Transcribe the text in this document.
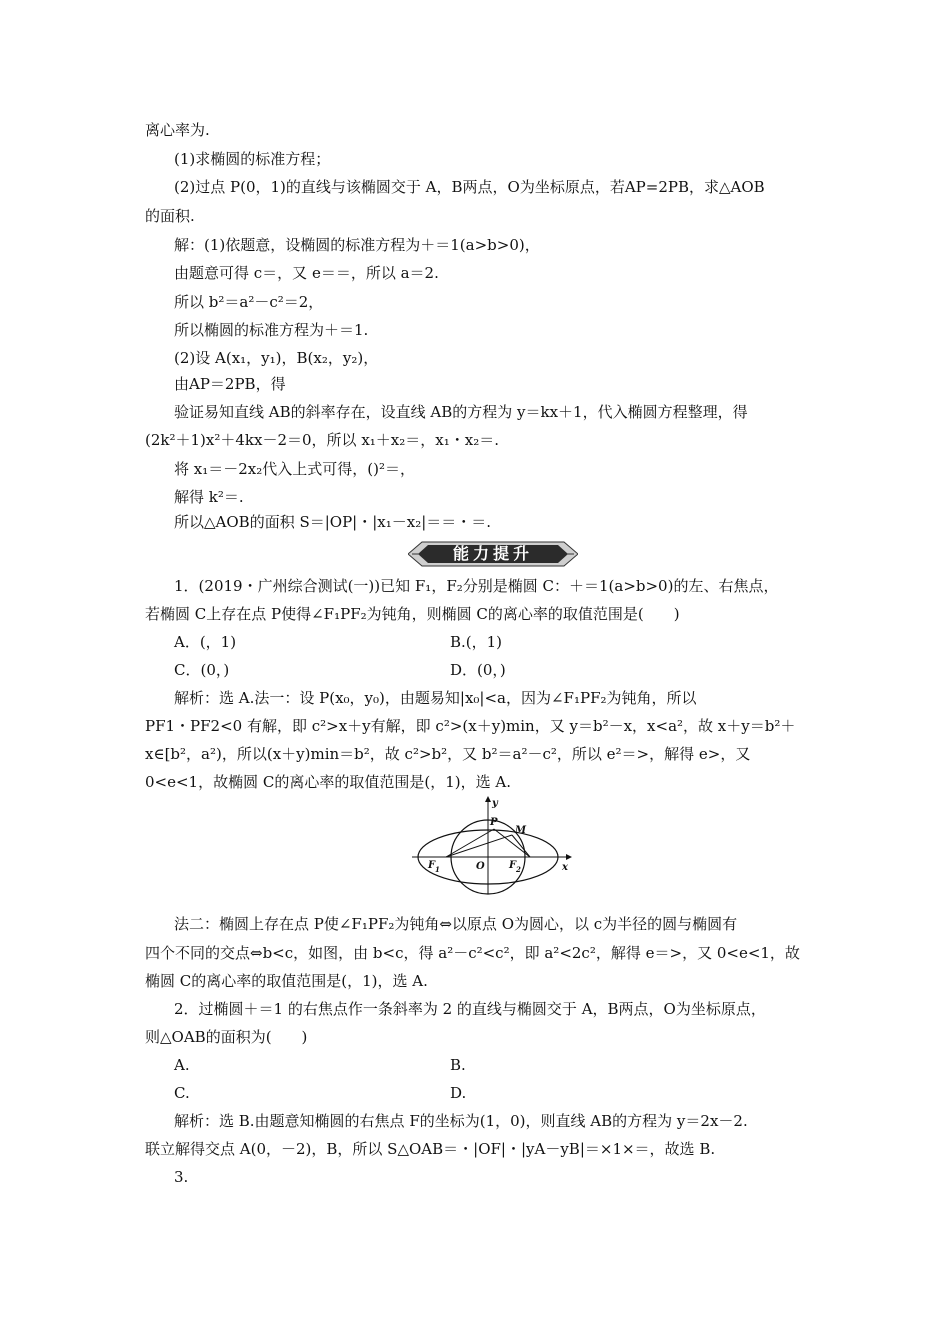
离心率为.
(1)求椭圆的标准方程；
(2)过点 P(0，1)的直线与该椭圆交于 A，B两点，O为坐标原点，若AP=2PB，求△AOB
的面积.
解：(1)依题意，设椭圆的标准方程为＋＝1(a>b>0)，
由题意可得 c＝，又 e＝＝，所以 a＝2.
所以 b²＝a²－c²＝2，
所以椭圆的标准方程为＋＝1.
(2)设 A(x₁，y₁)，B(x₂，y₂)，
由AP＝2PB，得
验证易知直线 AB的斜率存在，设直线 AB的方程为 y＝kx＋1，代入椭圆方程整理，得
(2k²＋1)x²＋4kx－2＝0，所以 x₁＋x₂＝，x₁・x₂＝.
将 x₁＝－2x₂代入上式可得，()²＝，
解得 k²＝.
所以△AOB的面积 S＝|OP|・|x₁－x₂|＝＝・＝.
能力提升
1．(2019・广州综合测试(一))已知 F₁，F₂分别是椭圆 C：＋＝1(a>b>0)的左、右焦点，
若椭圆 C上存在点 P使得∠F₁PF₂为钝角，则椭圆 C的离心率的取值范围是(　　)
A．(，1)	B.(，1)
C．(0，)	D．(0，)
解析：选 A.法一：设 P(x₀，y₀)，由题易知|x₀|<a，因为∠F₁PF₂为钝角，所以
PF1・PF2<0 有解，即 c²>x＋y有解，即 c²>(x＋y)min，又 y＝b²－x，x<a²，故 x＋y＝b²＋
x∈[b²，a²)，所以(x＋y)min＝b²，故 c²>b²，又 b²＝a²－c²，所以 e²＝>，解得 e>，又
0<e<1，故椭圆 C的离心率的取值范围是(，1)，选 A.
y
x
P
M
O
F 1	F 2
法二：椭圆上存在点 P使∠F₁PF₂为钝角⇔以原点 O为圆心，以 c为半径的圆与椭圆有
四个不同的交点⇔b<c，如图，由 b<c，得 a²－c²<c²，即 a²<2c²，解得 e＝>，又 0<e<1，故
椭圆 C的离心率的取值范围是(，1)，选 A.
2．过椭圆＋＝1 的右焦点作一条斜率为 2 的直线与椭圆交于 A，B两点，O为坐标原点，
则△OAB的面积为(　　)
A.	B.
C.	D.
解析：选 B.由题意知椭圆的右焦点 F的坐标为(1，0)，则直线 AB的方程为 y＝2x－2.
联立解得交点 A(0，－2)，B，所以 S△OAB＝・|OF|・|yA－yB|＝×1×＝，故选 B.
3.
